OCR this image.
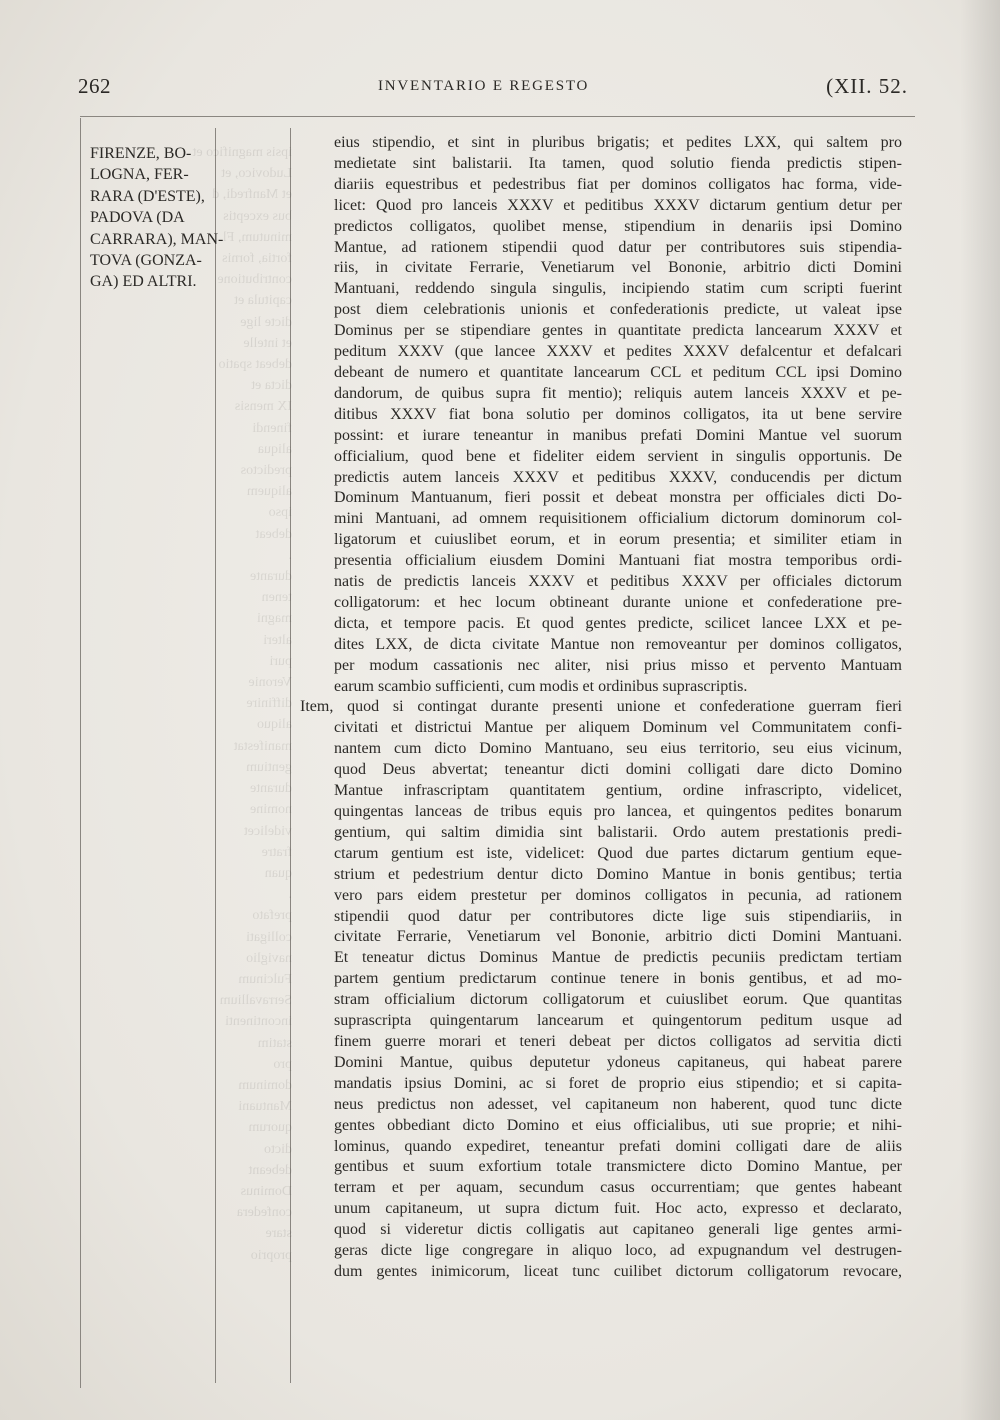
262	INVENTARIO E REGESTO	(XII. 52.
ipsis magnifico et
Ludovico, et
et Manfredi, d
bus exceptis
minutum, Fl
fortia, fornis
contributione
capitula et
dicte lige
et intelle
debeat spatio
dicta et
IX mensis
finendi
aliqua
predictos
aliquem
ipso
debeat
.
durante
tenen
magni
alteri
puri
Veronie
diffinire
aliquo
manifestat
gentium
durante
nomine
videlicet
fratre
quan
.
prefato
colligati
naviglio
Fulcinum
Serravallium
incontinenti
statim
pro
dominum
Mantuani
quorum
dicto
debeant
Dominus
confedera
stare
proprio
FIRENZE, BO-
LOGNA, FER-
RARA (D'ESTE),
PADOVA (DA
CARRARA), MAN-
TOVA (GONZA-
GA) ED ALTRI.
eius stipendio, et sint in pluribus brigatis; et pedites LXX, qui saltem pro
medietate sint balistarii. Ita tamen, quod solutio fienda predictis stipen-
diariis equestribus et pedestribus fiat per dominos colligatos hac forma, vide-
licet: Quod pro lanceis XXXV et peditibus XXXV dictarum gentium detur per
predictos colligatos, quolibet mense, stipendium in denariis ipsi Domino
Mantue, ad rationem stipendii quod datur per contributores suis stipendia-
riis, in civitate Ferrarie, Venetiarum vel Bononie, arbitrio dicti Domini
Mantuani, reddendo singula singulis, incipiendo statim cum scripti fuerint
post diem celebrationis unionis et confederationis predicte, ut valeat ipse
Dominus per se stipendiare gentes in quantitate predicta lancearum XXXV et
peditum XXXV (que lancee XXXV et pedites XXXV defalcentur et defalcari
debeant de numero et quantitate lancearum CCL et peditum CCL ipsi Domino
dandorum, de quibus supra fit mentio); reliquis autem lanceis XXXV et pe-
ditibus XXXV fiat bona solutio per dominos colligatos, ita ut bene servire
possint: et iurare teneantur in manibus prefati Domini Mantue vel suorum
officialium, quod bene et fideliter eidem servient in singulis opportunis. De
predictis autem lanceis XXXV et peditibus XXXV, conducendis per dictum
Dominum Mantuanum, fieri possit et debeat monstra per officiales dicti Do-
mini Mantuani, ad omnem requisitionem officialium dictorum dominorum col-
ligatorum et cuiuslibet eorum, et in eorum presentia; et similiter etiam in
presentia officialium eiusdem Domini Mantuani fiat mostra temporibus ordi-
natis de predictis lanceis XXXV et peditibus XXXV per officiales dictorum
colligatorum: et hec locum obtineant durante unione et confederatione pre-
dicta, et tempore pacis. Et quod gentes predicte, scilicet lancee LXX et pe-
dites LXX, de dicta civitate Mantue non removeantur per dominos colligatos,
per modum cassationis nec aliter, nisi prius misso et pervento Mantuam
earum scambio sufficienti, cum modis et ordinibus suprascriptis.
Item, quod si contingat durante presenti unione et confederatione guerram fieri
civitati et districtui Mantue per aliquem Dominum vel Communitatem confi-
nantem cum dicto Domino Mantuano, seu eius territorio, seu eius vicinum,
quod Deus abvertat; teneantur dicti domini colligati dare dicto Domino
Mantue infrascriptam quantitatem gentium, ordine infrascripto, videlicet,
quingentas lanceas de tribus equis pro lancea, et quingentos pedites bonarum
gentium, qui saltim dimidia sint balistarii. Ordo autem prestationis predi-
ctarum gentium est iste, videlicet: Quod due partes dictarum gentium eque-
strium et pedestrium dentur dicto Domino Mantue in bonis gentibus; tertia
vero pars eidem prestetur per dominos colligatos in pecunia, ad rationem
stipendii quod datur per contributores dicte lige suis stipendiariis, in
civitate Ferrarie, Venetiarum vel Bononie, arbitrio dicti Domini Mantuani.
Et teneatur dictus Dominus Mantue de predictis pecuniis predictam tertiam
partem gentium predictarum continue tenere in bonis gentibus, et ad mo-
stram officialium dictorum colligatorum et cuiuslibet eorum. Que quantitas
suprascripta quingentarum lancearum et quingentorum peditum usque ad
finem guerre morari et teneri debeat per dictos colligatos ad servitia dicti
Domini Mantue, quibus deputetur ydoneus capitaneus, qui habeat parere
mandatis ipsius Domini, ac si foret de proprio eius stipendio; et si capita-
neus predictus non adesset, vel capitaneum non haberent, quod tunc dicte
gentes obbediant dicto Domino et eius officialibus, uti sue proprie; et nihi-
lominus, quando expediret, teneantur prefati domini colligati dare de aliis
gentibus et suum exfortium totale transmictere dicto Domino Mantue, per
terram et per aquam, secundum casus occurrentiam; que gentes habeant
unum capitaneum, ut supra dictum fuit. Hoc acto, expresso et declarato,
quod si videretur dictis colligatis aut capitaneo generali lige gentes armi-
geras dicte lige congregare in aliquo loco, ad expugnandum vel destrugen-
dum gentes inimicorum, liceat tunc cuilibet dictorum colligatorum revocare,
